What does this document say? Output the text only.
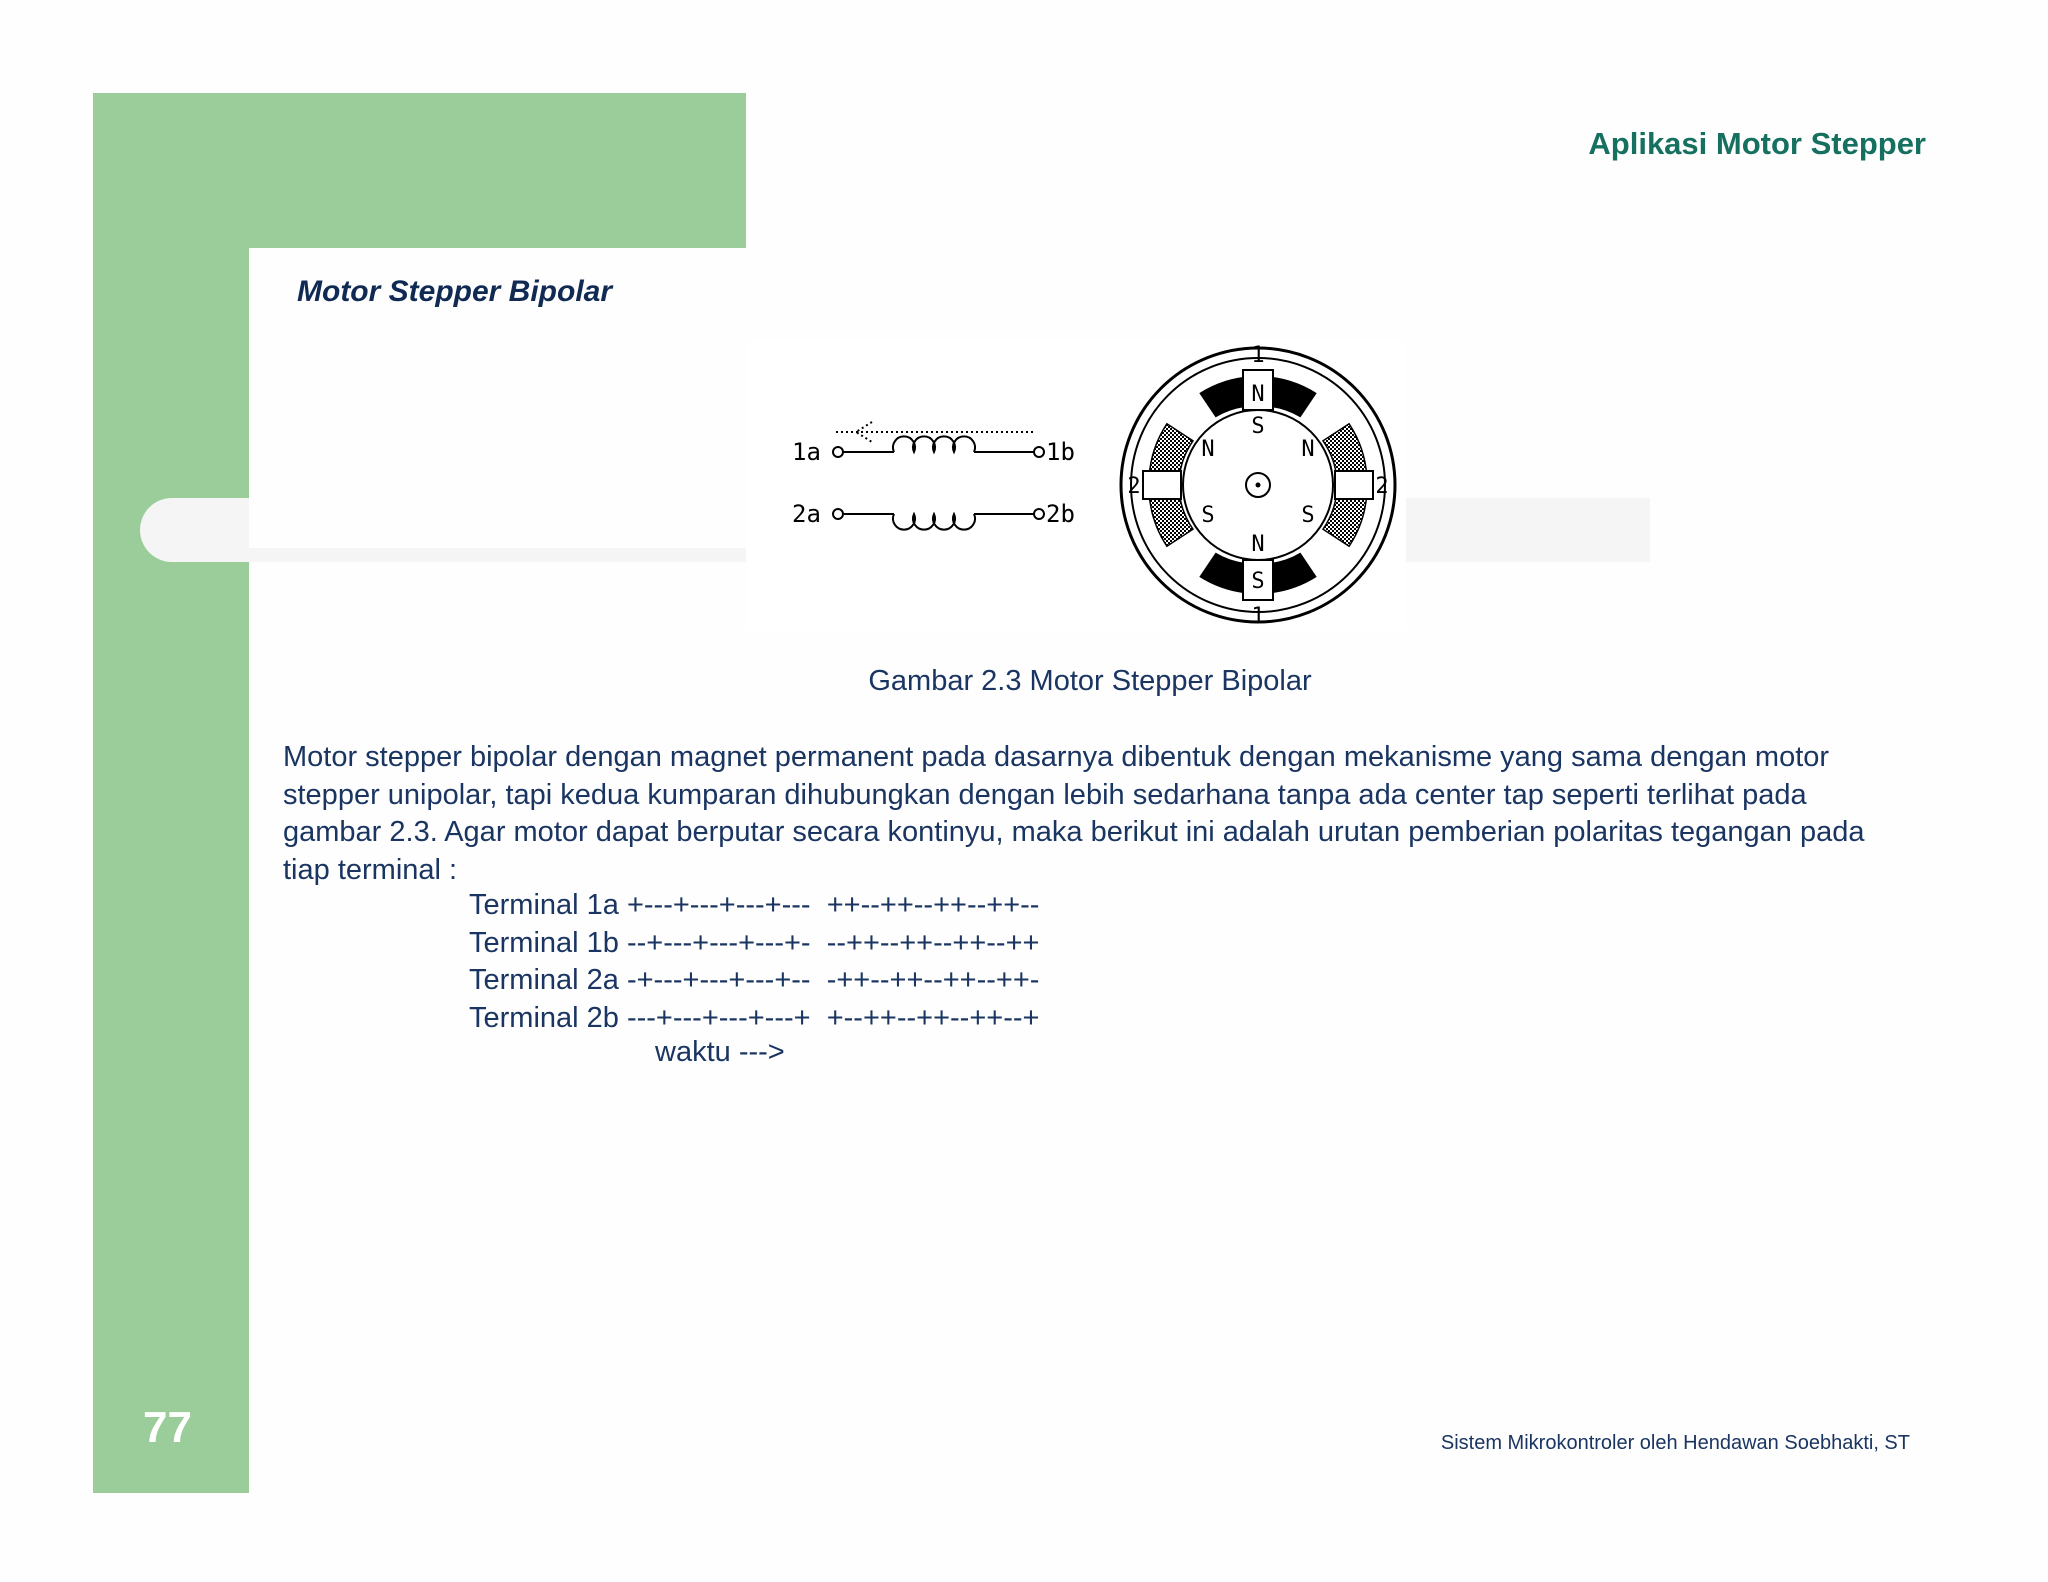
Aplikasi Motor Stepper
Motor Stepper Bipolar
1a	1b
2a	2b
1
N
S
N
S
1
2	2
N	N
S	S
Gambar 2.3 Motor Stepper Bipolar
Motor stepper bipolar dengan magnet permanent pada dasarnya dibentuk dengan mekanisme yang sama dengan motor stepper unipolar, tapi kedua kumparan dihubungkan dengan lebih sedarhana tanpa ada center tap seperti terlihat pada gambar 2.3. Agar motor dapat berputar secara kontinyu, maka berikut ini adalah urutan pemberian polaritas tegangan pada tiap terminal :
Terminal 1a +---+---+---+---  ++--++--++--++--
Terminal 1b --+---+---+---+-  --++--++--++--++
Terminal 2a -+---+---+---+--  -++--++--++--++-
Terminal 2b ---+---+---+---+  +--++--++--++--+
waktu --->
77	Sistem Mikrokontroler oleh Hendawan Soebhakti, ST
